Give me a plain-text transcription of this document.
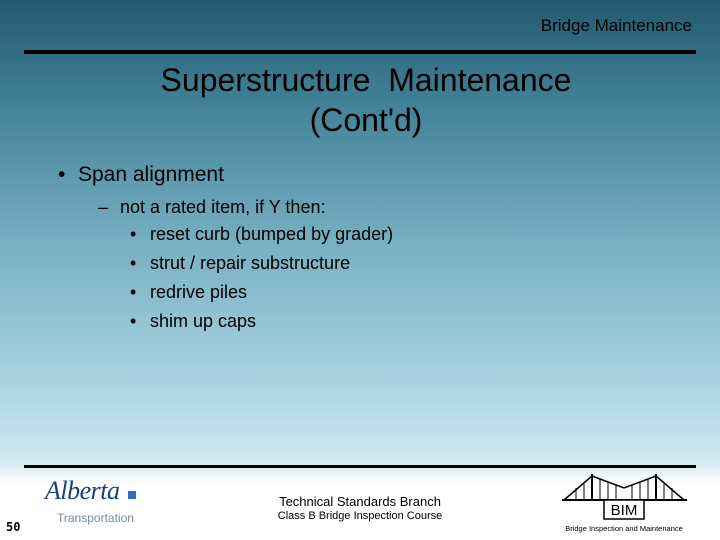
Bridge Maintenance
Superstructure  Maintenance
(Cont'd)
• Span alignment
– not a rated item, if Y then:
• reset curb (bumped by grader)
• strut / repair substructure
• redrive piles
• shim up caps
50
Alberta
Transportation
Technical Standards Branch
Class B Bridge Inspection Course	BIM
Bridge Inspection and Maintenance
